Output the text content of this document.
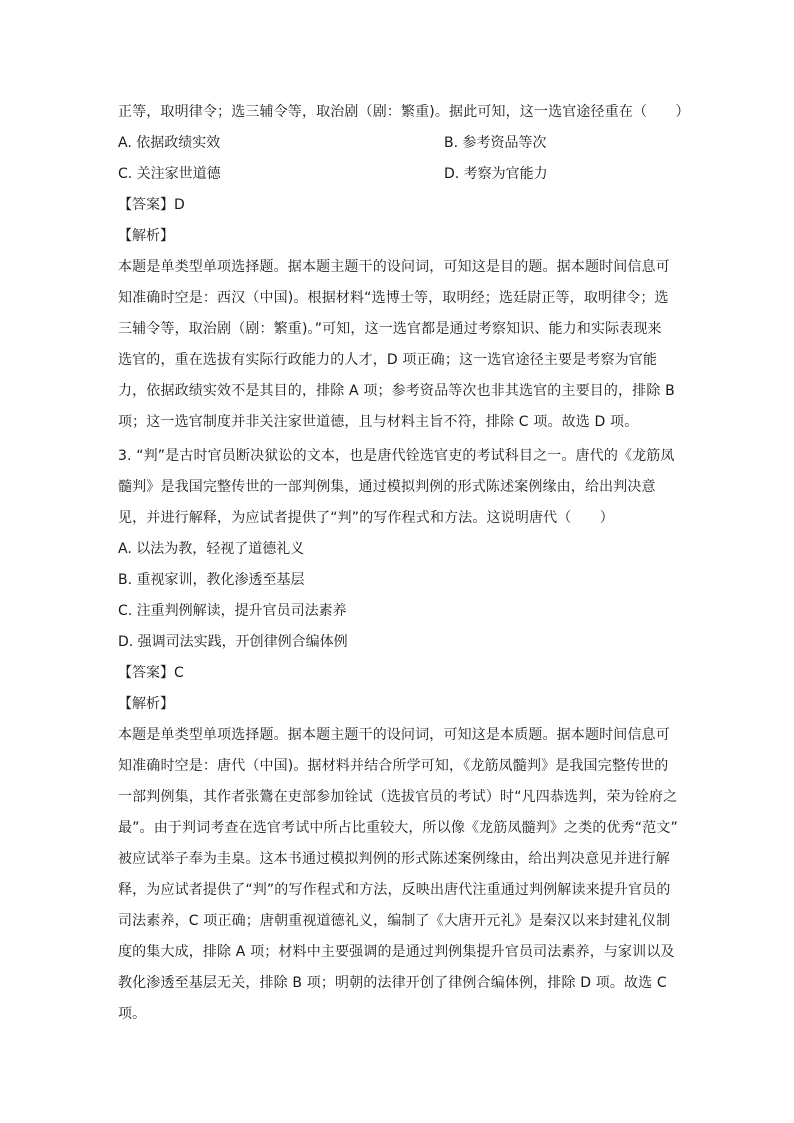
正等，取明律令；选三辅令等，取治剧（剧：繁重)。据此可知，这一选官途径重在（　　）
A. 依据政绩实效	B. 参考资品等次
C. 关注家世道德	D. 考察为官能力
【答案】D
【解析】
本题是单类型单项选择题。据本题主题干的设问词，可知这是目的题。据本题时间信息可
知准确时空是：西汉（中国)。根据材料“选博士等，取明经；选廷尉正等，取明律令；选
三辅令等，取治剧（剧：繁重)。”可知，这一选官都是通过考察知识、能力和实际表现来
选官的，重在选拔有实际行政能力的人才，D 项正确；这一选官途径主要是考察为官能
力，依据政绩实效不是其目的，排除 A 项；参考资品等次也非其选官的主要目的，排除 B
项；这一选官制度并非关注家世道德，且与材料主旨不符，排除 C 项。故选 D 项。
3. “判”是古时官员断决狱讼的文本，也是唐代铨选官吏的考试科目之一。唐代的《龙筋凤
髓判》是我国完整传世的一部判例集，通过模拟判例的形式陈述案例缘由，给出判决意
见，并进行解释，为应试者提供了“判”的写作程式和方法。这说明唐代（　　）
A. 以法为教，轻视了道德礼义
B. 重视家训，教化渗透至基层
C. 注重判例解读，提升官员司法素养
D. 强调司法实践，开创律例合编体例
【答案】C
【解析】
本题是单类型单项选择题。据本题主题干的设问词，可知这是本质题。据本题时间信息可
知准确时空是：唐代（中国)。据材料并结合所学可知，《龙筋凤髓判》是我国完整传世的
一部判例集，其作者张鷟在吏部参加铨试（选拔官员的考试）时“凡四恭选判，荣为铨府之
最”。由于判词考查在选官考试中所占比重较大，所以像《龙筋凤髓判》之类的优秀“范文”
被应试举子奉为圭臬。这本书通过模拟判例的形式陈述案例缘由，给出判决意见并进行解
释，为应试者提供了“判”的写作程式和方法，反映出唐代注重通过判例解读来提升官员的
司法素养，C 项正确；唐朝重视道德礼义，编制了《大唐开元礼》是秦汉以来封建礼仪制
度的集大成，排除 A 项；材料中主要强调的是通过判例集提升官员司法素养，与家训以及
教化渗透至基层无关，排除 B 项；明朝的法律开创了律例合编体例，排除 D 项。故选 C
项。
